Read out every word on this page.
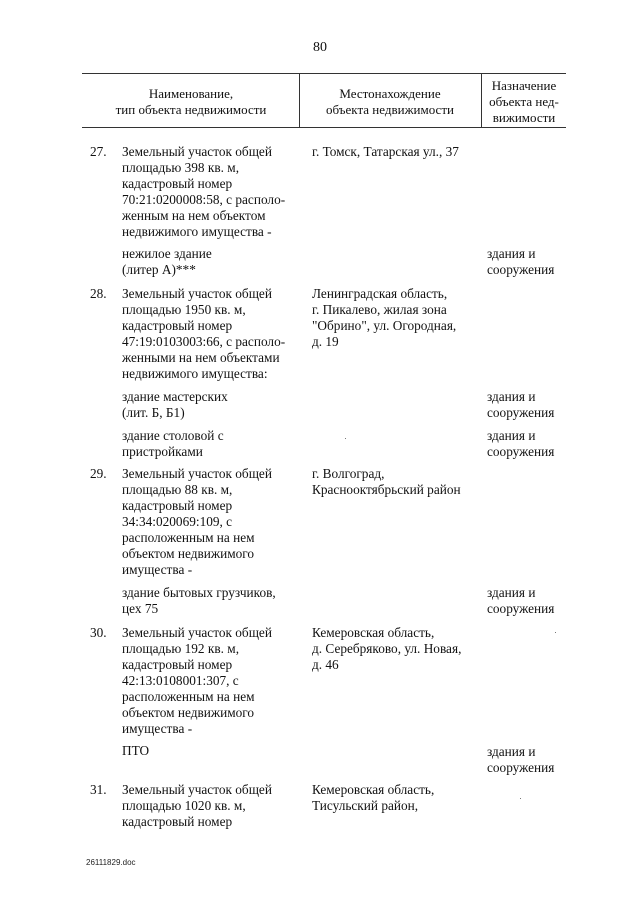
80
Наименование,
тип объекта недвижимости
Местонахождение
объекта недвижимости
Назначение
объекта нед-
вижимости
27. Земельный участок общей
площадью 398 кв. м,
кадастровый номер
70:21:0200008:58, с располо-
женным на нем объектом
недвижимого имущества -
г. Томск, Татарская ул., 37
нежилое здание
(литер А)***
здания и
сооружения
28. Земельный участок общей
площадью 1950 кв. м,
кадастровый номер
47:19:0103003:66, с располо-
женными на нем объектами
недвижимого имущества:
Ленинградская область,
г. Пикалево, жилая зона
"Обрино", ул. Огородная,
д. 19
здание мастерских
(лит. Б, Б1)
здания и
сооружения
здание столовой с
пристройками
здания и
сооружения
29. Земельный участок общей
площадью 88 кв. м,
кадастровый номер
34:34:020069:109, с
расположенным на нем
объектом недвижимого
имущества -
г. Волгоград,
Краснооктябрьский район
здание бытовых грузчиков,
цех 75
здания и
сооружения
30. Земельный участок общей
площадью 192 кв. м,
кадастровый номер
42:13:0108001:307, с
расположенным на нем
объектом недвижимого
имущества -
Кемеровская область,
д. Серебряково, ул. Новая,
д. 46
ПТО	здания и
сооружения
31. Земельный участок общей
площадью 1020 кв. м,
кадастровый номер
Кемеровская область,
Тисульский район,
26111829.doc
